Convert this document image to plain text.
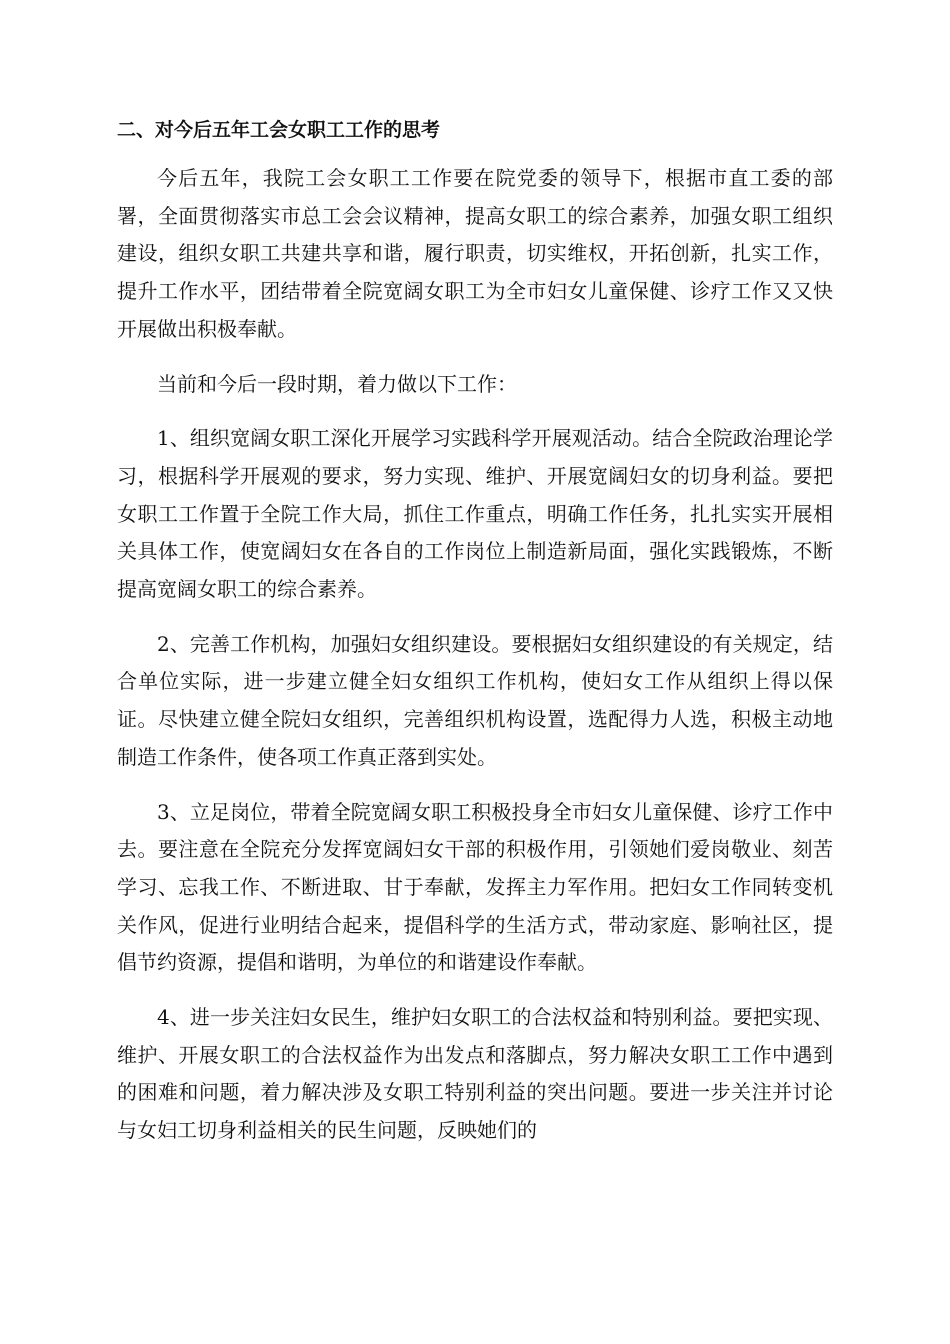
二、对今后五年工会女职工工作的思考

今后五年，我院工会女职工工作要在院党委的领导下，根据市直工委的部署，全面贯彻落实市总工会会议精神，提高女职工的综合素养，加强女职工组织建设，组织女职工共建共享和谐，履行职责，切实维权，开拓创新，扎实工作，提升工作水平，团结带着全院宽阔女职工为全市妇女儿童保健、诊疗工作又又快开展做出积极奉献。

当前和今后一段时期，着力做以下工作：

1、组织宽阔女职工深化开展学习实践科学开展观活动。结合全院政治理论学习，根据科学开展观的要求，努力实现、维护、开展宽阔妇女的切身利益。要把女职工工作置于全院工作大局，抓住工作重点，明确工作任务，扎扎实实开展相关具体工作，使宽阔妇女在各自的工作岗位上制造新局面，强化实践锻炼，不断提高宽阔女职工的综合素养。

2、完善工作机构，加强妇女组织建设。要根据妇女组织建设的有关规定，结合单位实际，进一步建立健全妇女组织工作机构，使妇女工作从组织上得以保证。尽快建立健全院妇女组织，完善组织机构设置，选配得力人选，积极主动地制造工作条件，使各项工作真正落到实处。

3、立足岗位，带着全院宽阔女职工积极投身全市妇女儿童保健、诊疗工作中去。要注意在全院充分发挥宽阔妇女干部的积极作用，引领她们爱岗敬业、刻苦学习、忘我工作、不断进取、甘于奉献，发挥主力军作用。把妇女工作同转变机关作风，促进行业明结合起来，提倡科学的生活方式，带动家庭、影响社区，提倡节约资源，提倡和谐明，为单位的和谐建设作奉献。

4、进一步关注妇女民生，维护妇女职工的合法权益和特别利益。要把实现、维护、开展女职工的合法权益作为出发点和落脚点，努力解决女职工工作中遇到的困难和问题，着力解决涉及女职工特别利益的突出问题。要进一步关注并讨论与女妇工切身利益相关的民生问题，反映她们的
